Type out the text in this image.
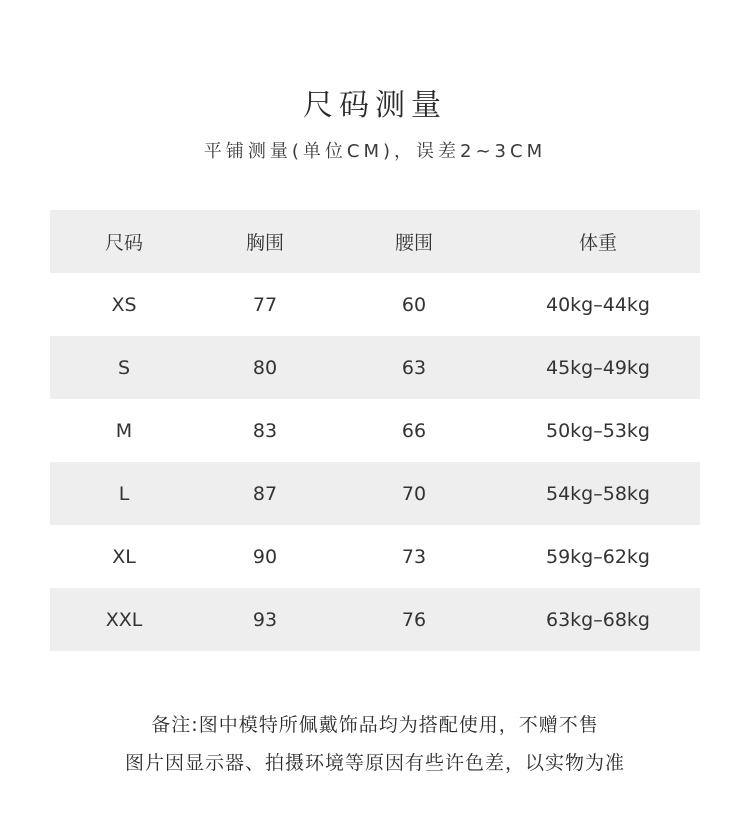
尺码测量
平铺测量(单位CM)，误差2~3CM
尺码	胸围	腰围	体重
XS	77	60	40kg–44kg
S	80	63	45kg–49kg
M	83	66	50kg–53kg
L	87	70	54kg–58kg
XL	90	73	59kg–62kg
XXL	93	76	63kg–68kg
备注:图中模特所佩戴饰品均为搭配使用，不赠不售
图片因显示器、拍摄环境等原因有些许色差，以实物为准
